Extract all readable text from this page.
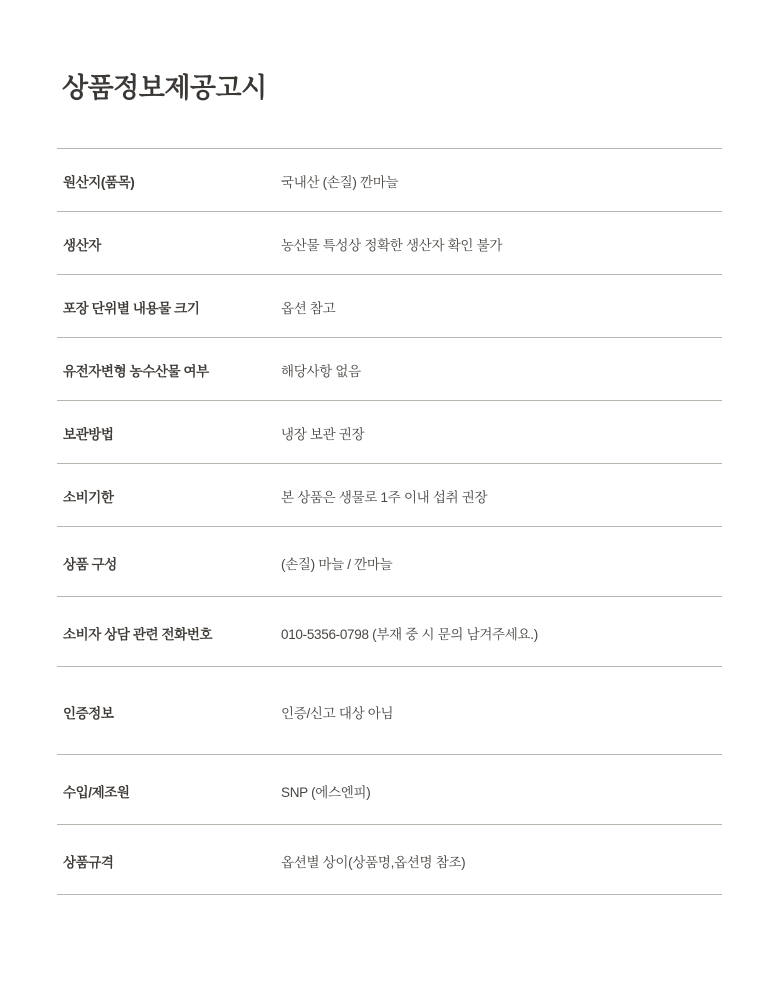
상품정보제공고시
원산지(품목)	국내산 (손질) 깐마늘
생산자	농산물 특성상 정확한 생산자 확인 불가
포장 단위별 내용물 크기	옵션 참고
유전자변형 농수산물 여부	해당사항 없음
보관방법	냉장 보관 권장
소비기한	본 상품은 생물로 1주 이내 섭취 권장
상품 구성	(손질) 마늘 / 깐마늘
소비자 상담 관련 전화번호	010-5356-0798 (부재 중 시 문의 남겨주세요.)
인증정보	인증/신고 대상 아님
수입/제조원	SNP (에스엔피)
상품규격	옵션별 상이(상품명,옵션명 참조)
